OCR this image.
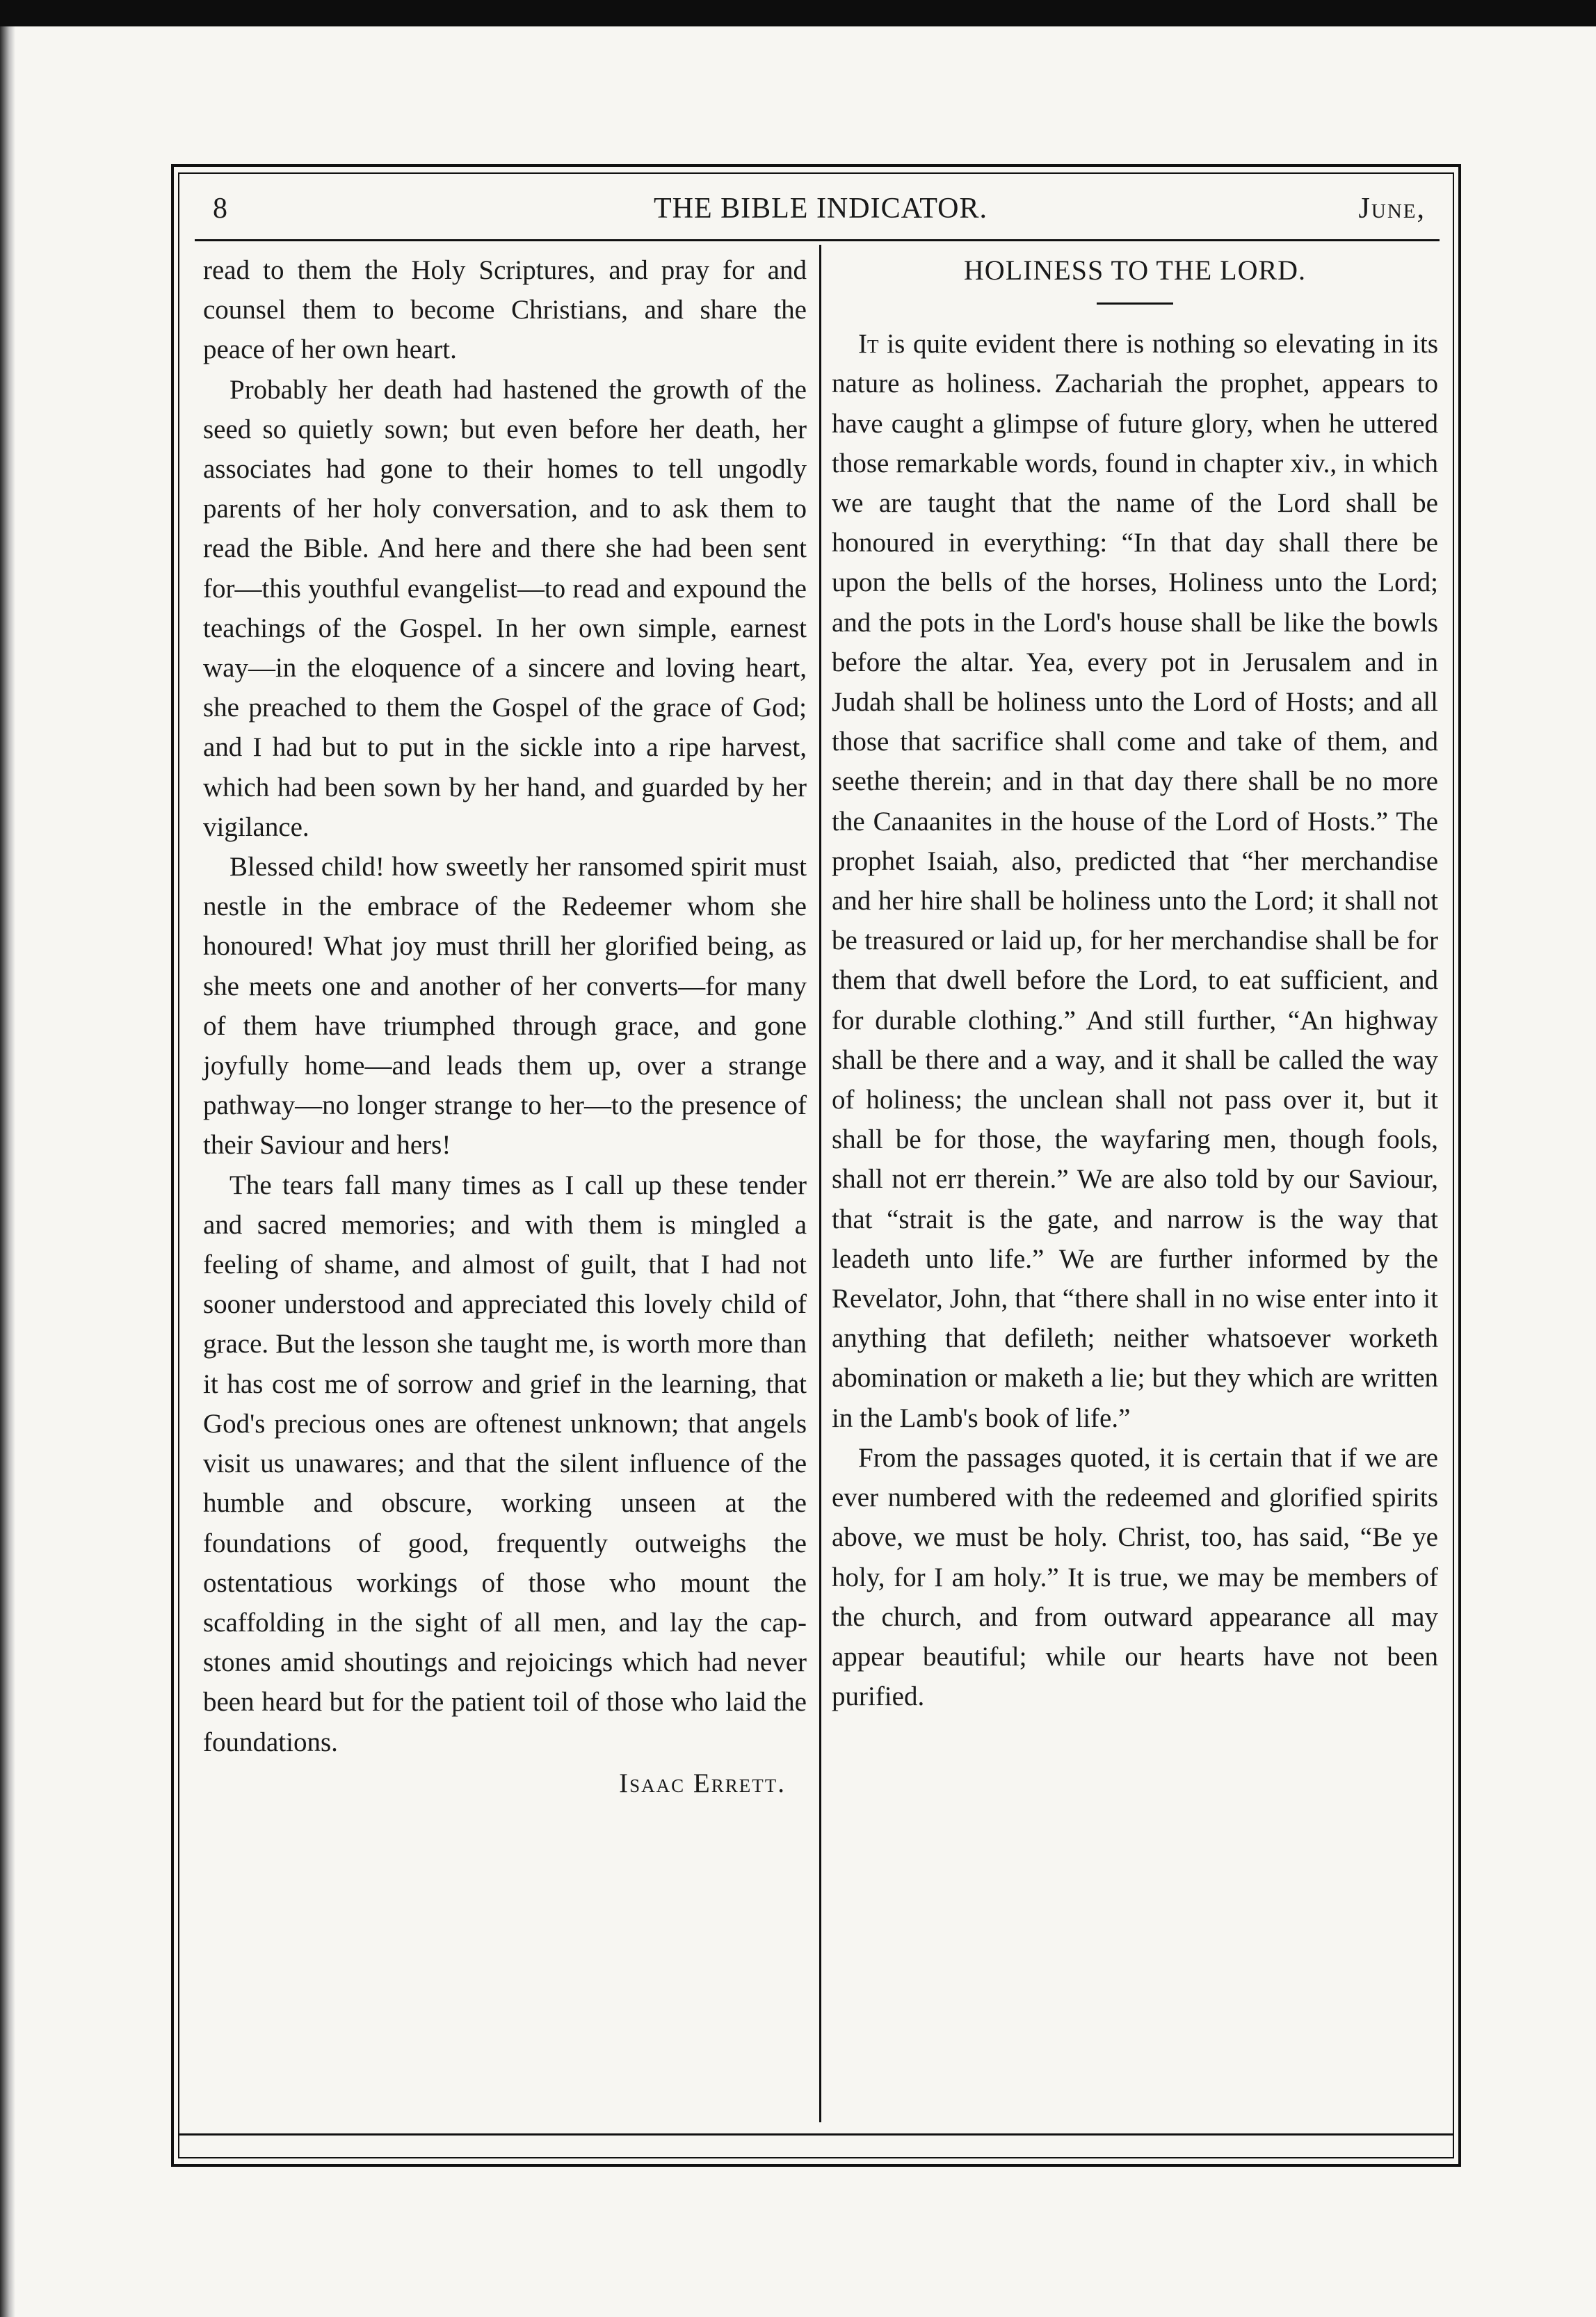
8	THE BIBLE INDICATOR.	June,

read to them the Holy Scriptures, and pray for and counsel them to become Christians, and share the peace of her own heart.

Probably her death had hastened the growth of the seed so quietly sown; but even before her death, her associates had gone to their homes to tell ungodly parents of her holy conversation, and to ask them to read the Bible. And here and there she had been sent for—this youthful evangelist—to read and expound the teachings of the Gospel. In her own simple, earnest way—in the eloquence of a sincere and loving heart, she preached to them the Gospel of the grace of God; and I had but to put in the sickle into a ripe harvest, which had been sown by her hand, and guarded by her vigilance.

Blessed child! how sweetly her ransomed spirit must nestle in the embrace of the Redeemer whom she honoured! What joy must thrill her glorified being, as she meets one and another of her converts—for many of them have triumphed through grace, and gone joyfully home—and leads them up, over a strange pathway—no longer strange to her—to the presence of their Saviour and hers!

The tears fall many times as I call up these tender and sacred memories; and with them is mingled a feeling of shame, and almost of guilt, that I had not sooner understood and appreciated this lovely child of grace. But the lesson she taught me, is worth more than it has cost me of sorrow and grief in the learning, that God's precious ones are oftenest unknown; that angels visit us unawares; and that the silent influence of the humble and obscure, working unseen at the foundations of good, frequently outweighs the ostentatious workings of those who mount the scaffolding in the sight of all men, and lay the cap-stones amid shoutings and rejoicings which had never been heard but for the patient toil of those who laid the foundations.

Isaac Errett.
HOLINESS TO THE LORD.

It is quite evident there is nothing so elevating in its nature as holiness. Zachariah the prophet, appears to have caught a glimpse of future glory, when he uttered those remarkable words, found in chapter xiv., in which we are taught that the name of the Lord shall be honoured in everything: “In that day shall there be upon the bells of the horses, Holiness unto the Lord; and the pots in the Lord's house shall be like the bowls before the altar. Yea, every pot in Jerusalem and in Judah shall be holiness unto the Lord of Hosts; and all those that sacrifice shall come and take of them, and seethe therein; and in that day there shall be no more the Canaanites in the house of the Lord of Hosts.” The prophet Isaiah, also, predicted that “her merchandise and her hire shall be holiness unto the Lord; it shall not be treasured or laid up, for her merchandise shall be for them that dwell before the Lord, to eat sufficient, and for durable clothing.” And still further, “An highway shall be there and a way, and it shall be called the way of holiness; the unclean shall not pass over it, but it shall be for those, the wayfaring men, though fools, shall not err therein.” We are also told by our Saviour, that “strait is the gate, and narrow is the way that leadeth unto life.” We are further informed by the Revelator, John, that “there shall in no wise enter into it anything that defileth; neither whatsoever worketh abomination or maketh a lie; but they which are written in the Lamb's book of life.”

From the passages quoted, it is certain that if we are ever numbered with the redeemed and glorified spirits above, we must be holy. Christ, too, has said, “Be ye holy, for I am holy.” It is true, we may be members of the church, and from outward appearance all may appear beautiful; while our hearts have not been purified.
